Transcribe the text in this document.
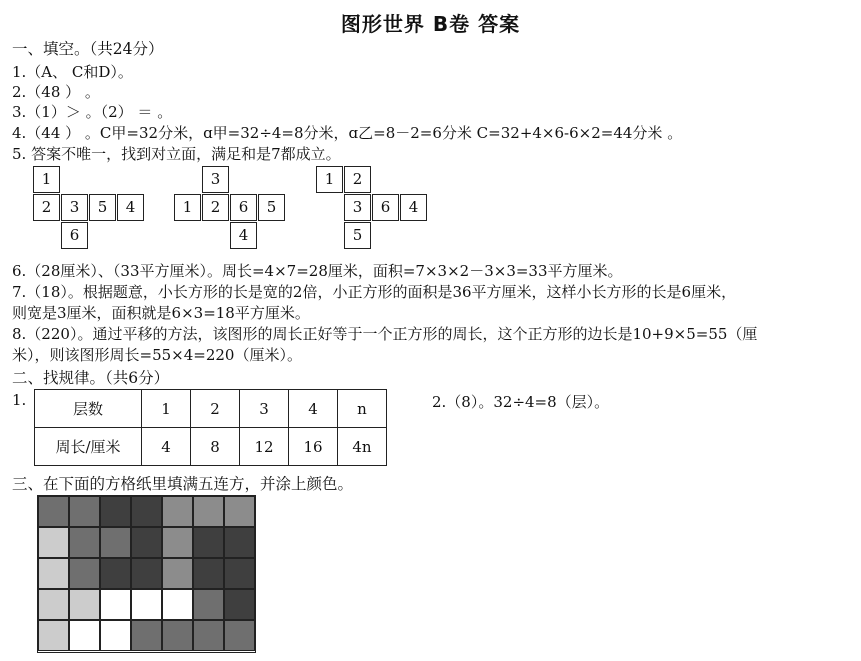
图形世界 B卷 答案
一、填空。（共24分）
1.（A、 C和D）。
2.（48 ） 。
3.（1）＞ 。（2） ＝ 。
4.（44 ） 。C甲=32分米，ɑ甲=32÷4=8分米，ɑ乙=8－2=6分米 C=32+4×6-6×2=44分米 。
5. 答案不唯一，找到对立面，满足和是7都成立。
1
2	3	5	4
6
3
1	2	6	5
4
1	2
3	6	4
5
6.（28厘米）、（33平方厘米）。周长=4×7=28厘米，面积=7×3×2－3×3=33平方厘米。
7.（18）。根据题意，小长方形的长是宽的2倍，小正方形的面积是36平方厘米，这样小长方形的长是6厘米，
则宽是3厘米，面积就是6×3=18平方厘米。
8.（220）。通过平移的方法，该图形的周长正好等于一个正方形的周长，这个正方形的边长是10+9×5=55（厘
米），则该图形周长=55×4=220（厘米）。
二、找规律。（共6分）
1.	层数	1	2	3	4	n
周长/厘米	4	8	12	16	4n
2.（8）。32÷4=8（层）。
三、在下面的方格纸里填满五连方，并涂上颜色。
